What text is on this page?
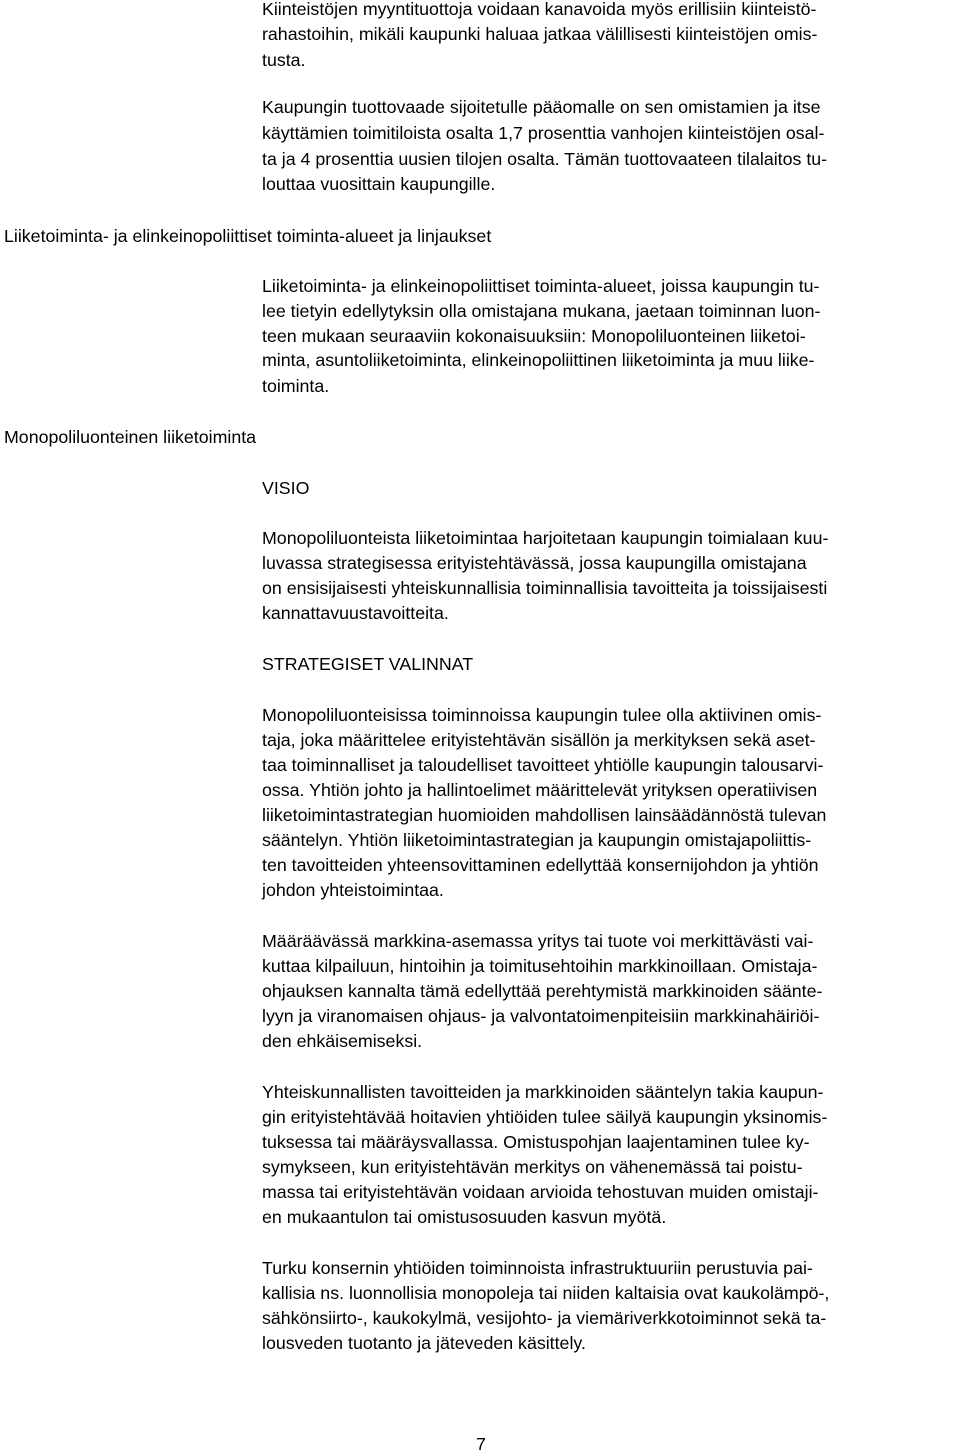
Kiinteistöjen myyntituottoja voidaan kanavoida myös erillisiin kiinteistö-
rahastoihin, mikäli kaupunki haluaa jatkaa välillisesti kiinteistöjen omis-
tusta.
Kaupungin tuottovaade sijoitetulle pääomalle on sen omistamien ja itse
käyttämien toimitiloista osalta 1,7 prosenttia vanhojen kiinteistöjen osal-
ta ja 4 prosenttia uusien tilojen osalta. Tämän tuottovaateen tilalaitos tu-
louttaa vuosittain kaupungille.
Liiketoiminta- ja elinkeinopoliittiset toiminta-alueet ja linjaukset
Liiketoiminta- ja elinkeinopoliittiset toiminta-alueet, joissa kaupungin tu-
lee tietyin edellytyksin olla omistajana mukana, jaetaan toiminnan luon-
teen mukaan seuraaviin kokonaisuuksiin: Monopoliluonteinen liiketoi-
minta, asuntoliiketoiminta, elinkeinopoliittinen liiketoiminta ja muu liike-
toiminta.
Monopoliluonteinen liiketoiminta
VISIO
Monopoliluonteista liiketoimintaa harjoitetaan kaupungin toimialaan kuu-
luvassa strategisessa erityistehtävässä, jossa kaupungilla omistajana
on ensisijaisesti yhteiskunnallisia toiminnallisia tavoitteita ja toissijaisesti
kannattavuustavoitteita.
STRATEGISET VALINNAT
Monopoliluonteisissa toiminnoissa kaupungin tulee olla aktiivinen omis-
taja, joka määrittelee erityistehtävän sisällön ja merkityksen sekä aset-
taa toiminnalliset ja taloudelliset tavoitteet yhtiölle kaupungin talousarvi-
ossa. Yhtiön johto ja hallintoelimet määrittelevät yrityksen operatiivisen
liiketoimintastrategian huomioiden mahdollisen lainsäädännöstä tulevan
sääntelyn. Yhtiön liiketoimintastrategian ja kaupungin omistajapoliittis-
ten tavoitteiden yhteensovittaminen edellyttää konsernijohdon ja yhtiön
johdon yhteistoimintaa.
Määräävässä markkina-asemassa yritys tai tuote voi merkittävästi vai-
kuttaa kilpailuun, hintoihin ja toimitusehtoihin markkinoillaan. Omistaja-
ohjauksen kannalta tämä edellyttää perehtymistä markkinoiden sääntе-
lyyn ja viranomaisen ohjaus- ja valvontatoimenpiteisiin markkinahäiriöi-
den ehkäisemiseksi.
Yhteiskunnallisten tavoitteiden ja markkinoiden sääntelyn takia kaupun-
gin erityistehtävää hoitavien yhtiöiden tulee säilyä kaupungin yksinomis-
tuksessa tai määräysvallassa. Omistuspohjan laajentaminen tulee ky-
symykseen, kun erityistehtävän merkitys on vähenemässä tai poistu-
massa tai erityistehtävän voidaan arvioida tehostuvan muiden omistaji-
en mukaantulon tai omistusosuuden kasvun myötä.
Turku konsernin yhtiöiden toiminnoista infrastruktuuriin perustuvia pai-
kallisia ns. luonnollisia monopoleja tai niiden kaltaisia ovat kaukolämpö-,
sähkönsiirto-, kaukokylmä, vesijohto- ja viemäriverkkotoiminnot sekä ta-
lousveden tuotanto ja jäteveden käsittely.
7
